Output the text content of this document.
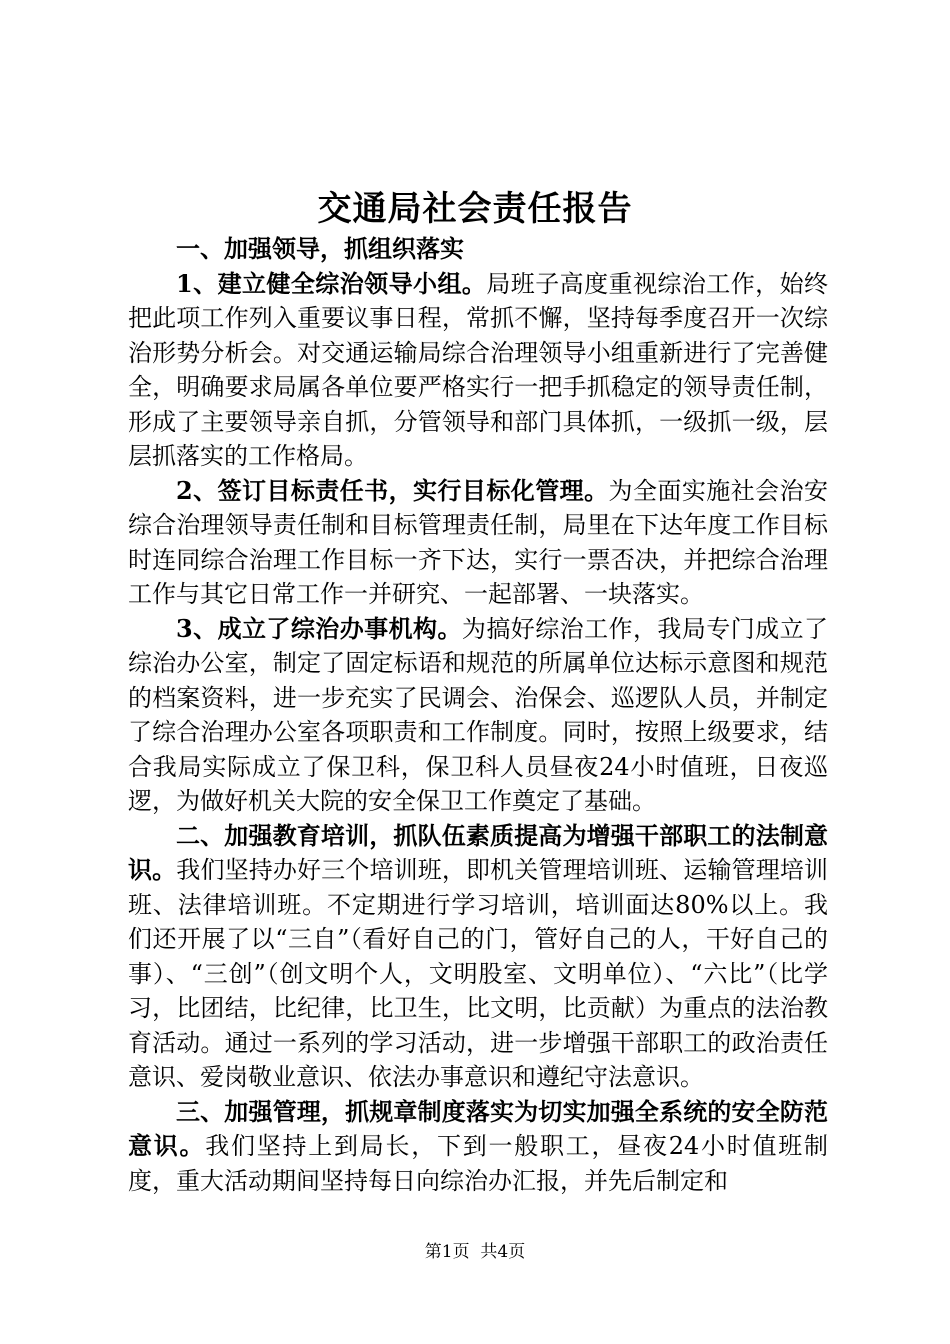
交通局社会责任报告

一、加强领导，抓组织落实

1、建立健全综治领导小组。局班子高度重视综治工作，始终把此项工作列入重要议事日程，常抓不懈，坚持每季度召开一次综治形势分析会。对交通运输局综合治理领导小组重新进行了完善健全，明确要求局属各单位要严格实行一把手抓稳定的领导责任制，形成了主要领导亲自抓，分管领导和部门具体抓，一级抓一级，层层抓落实的工作格局。

2、签订目标责任书，实行目标化管理。为全面实施社会治安综合治理领导责任制和目标管理责任制，局里在下达年度工作目标时连同综合治理工作目标一齐下达，实行一票否决，并把综合治理工作与其它日常工作一并研究、一起部署、一块落实。

3、成立了综治办事机构。为搞好综治工作，我局专门成立了综治办公室，制定了固定标语和规范的所属单位达标示意图和规范的档案资料，进一步充实了民调会、治保会、巡逻队人员，并制定了综合治理办公室各项职责和工作制度。同时，按照上级要求，结合我局实际成立了保卫科，保卫科人员昼夜24小时值班，日夜巡逻，为做好机关大院的安全保卫工作奠定了基础。

二、加强教育培训，抓队伍素质提高为增强干部职工的法制意识。我们坚持办好三个培训班，即机关管理培训班、运输管理培训班、法律培训班。不定期进行学习培训，培训面达80%以上。我们还开展了以“三自”（看好自己的门，管好自己的人，干好自己的事）、“三创”（创文明个人，文明股室、文明单位）、“六比”（比学习，比团结，比纪律，比卫生，比文明，比贡献）为重点的法治教育活动。通过一系列的学习活动，进一步增强干部职工的政治责任意识、爱岗敬业意识、依法办事意识和遵纪守法意识。

三、加强管理，抓规章制度落实为切实加强全系统的安全防范意识。我们坚持上到局长，下到一般职工，昼夜24小时值班制度，重大活动期间坚持每日向综治办汇报，并先后制定和

第1页  共4页
